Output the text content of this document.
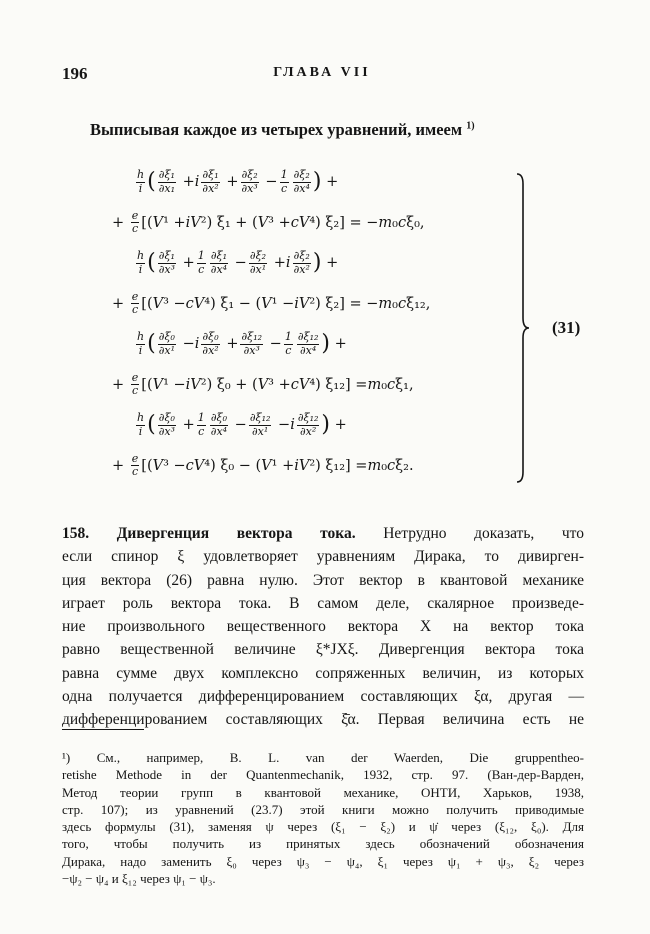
196	ГЛАВА VII
Выписывая каждое из четырех уравнений, имеем $^{1)}$
$\frac{h}{i}$ ( $\frac{\text{∂ξ₁}}{\text{∂x₁}} + i \frac{\text{∂ξ₁}}{\text{∂x²}} + \frac{\text{∂ξ₂}}{\text{∂x³}} - \frac{1}{c} \frac{\text{∂ξ₂}}{\text{∂x⁴}}$ ) +
+ $\frac{e}{c}$ [( V ¹ + iV ²) ξ₁ + ( V ³ + cV ⁴) ξ₂] = − m ₀ c ξ₀,
$\frac{h}{i}$ ( $\frac{\text{∂ξ₁}}{\text{∂x³}} + \frac{1}{c} \frac{\text{∂ξ₁}}{\text{∂x⁴}} - \frac{\text{∂ξ₂}}{\text{∂x¹}} + i \frac{\text{∂ξ₂}}{\text{∂x²}}$ ) +
+ $\frac{e}{c}$ [( V ³ − cV ⁴) ξ₁ − ( V ¹ − iV ²) ξ₂] = − m ₀ c ξ₁₂,
$\frac{h}{i}$ ( $\frac{\text{∂ξ₀}}{\text{∂x¹}} - i \frac{\text{∂ξ₀}}{\text{∂x²}} + \frac{\text{∂ξ₁₂}}{\text{∂x³}} - \frac{1}{c} \frac{\text{∂ξ₁₂}}{\text{∂x⁴}}$ ) +
+ $\frac{e}{c}$ [( V ¹ − iV ²) ξ₀ + ( V ³ + cV ⁴) ξ₁₂] = m ₀ c ξ₁,
$\frac{h}{i}$ ( $\frac{\text{∂ξ₀}}{\text{∂x³}} + \frac{1}{c} \frac{\text{∂ξ₀}}{\text{∂x⁴}} - \frac{\text{∂ξ₁₂}}{\text{∂x¹}} - i \frac{\text{∂ξ₁₂}}{\text{∂x²}}$ ) +
+ $\frac{e}{c}$ [( V ³ − cV ⁴) ξ₀ − ( V ¹ + iV ²) ξ₁₂] = m ₀ c ξ₂.
(31)
158. Дивергенция вектора тока. Нетрудно доказать, что
если спинор ξ удовлетворяет уравнениям Дирака, то дивирген-
ция вектора (26) равна нулю. Этот вектор в квантовой механике
играет роль вектора тока. В самом деле, скалярное произведе-
ние произвольного вещественного вектора X на вектор тока
равно вещественной величине ξ*JXξ. Дивергенция вектора тока
равна сумме двух комплексно сопряженных величин, из которых
одна получается дифференцированием составляющих ξα, другая —
дифференцированием составляющих ξ̄α. Первая величина есть не
¹) См., например, B. L. van der Waerden, Die gruppentheo-
retishe Methode in der Quantenmechanik, 1932, стр. 97. (Ван-дер-Варден,
Метод теории групп в квантовой механике, ОНТИ, Харьков, 1938,
стр. 107); из уравнений (23.7) этой книги можно получить приводимые
здесь формулы (31), заменяя ψ через (ξ₁ − ξ₂) и ψ̇ через (ξ₁₂, ξ₀). Для
того, чтобы получить из принятых здесь обозначений обозначения
Дирака, надо заменить ξ₀ через ψ₃ − ψ₄, ξ₁ через ψ₁ + ψ₃, ξ₂ через
−ψ₂ − ψ₄ и ξ₁₂ через ψ₁ − ψ₃.
